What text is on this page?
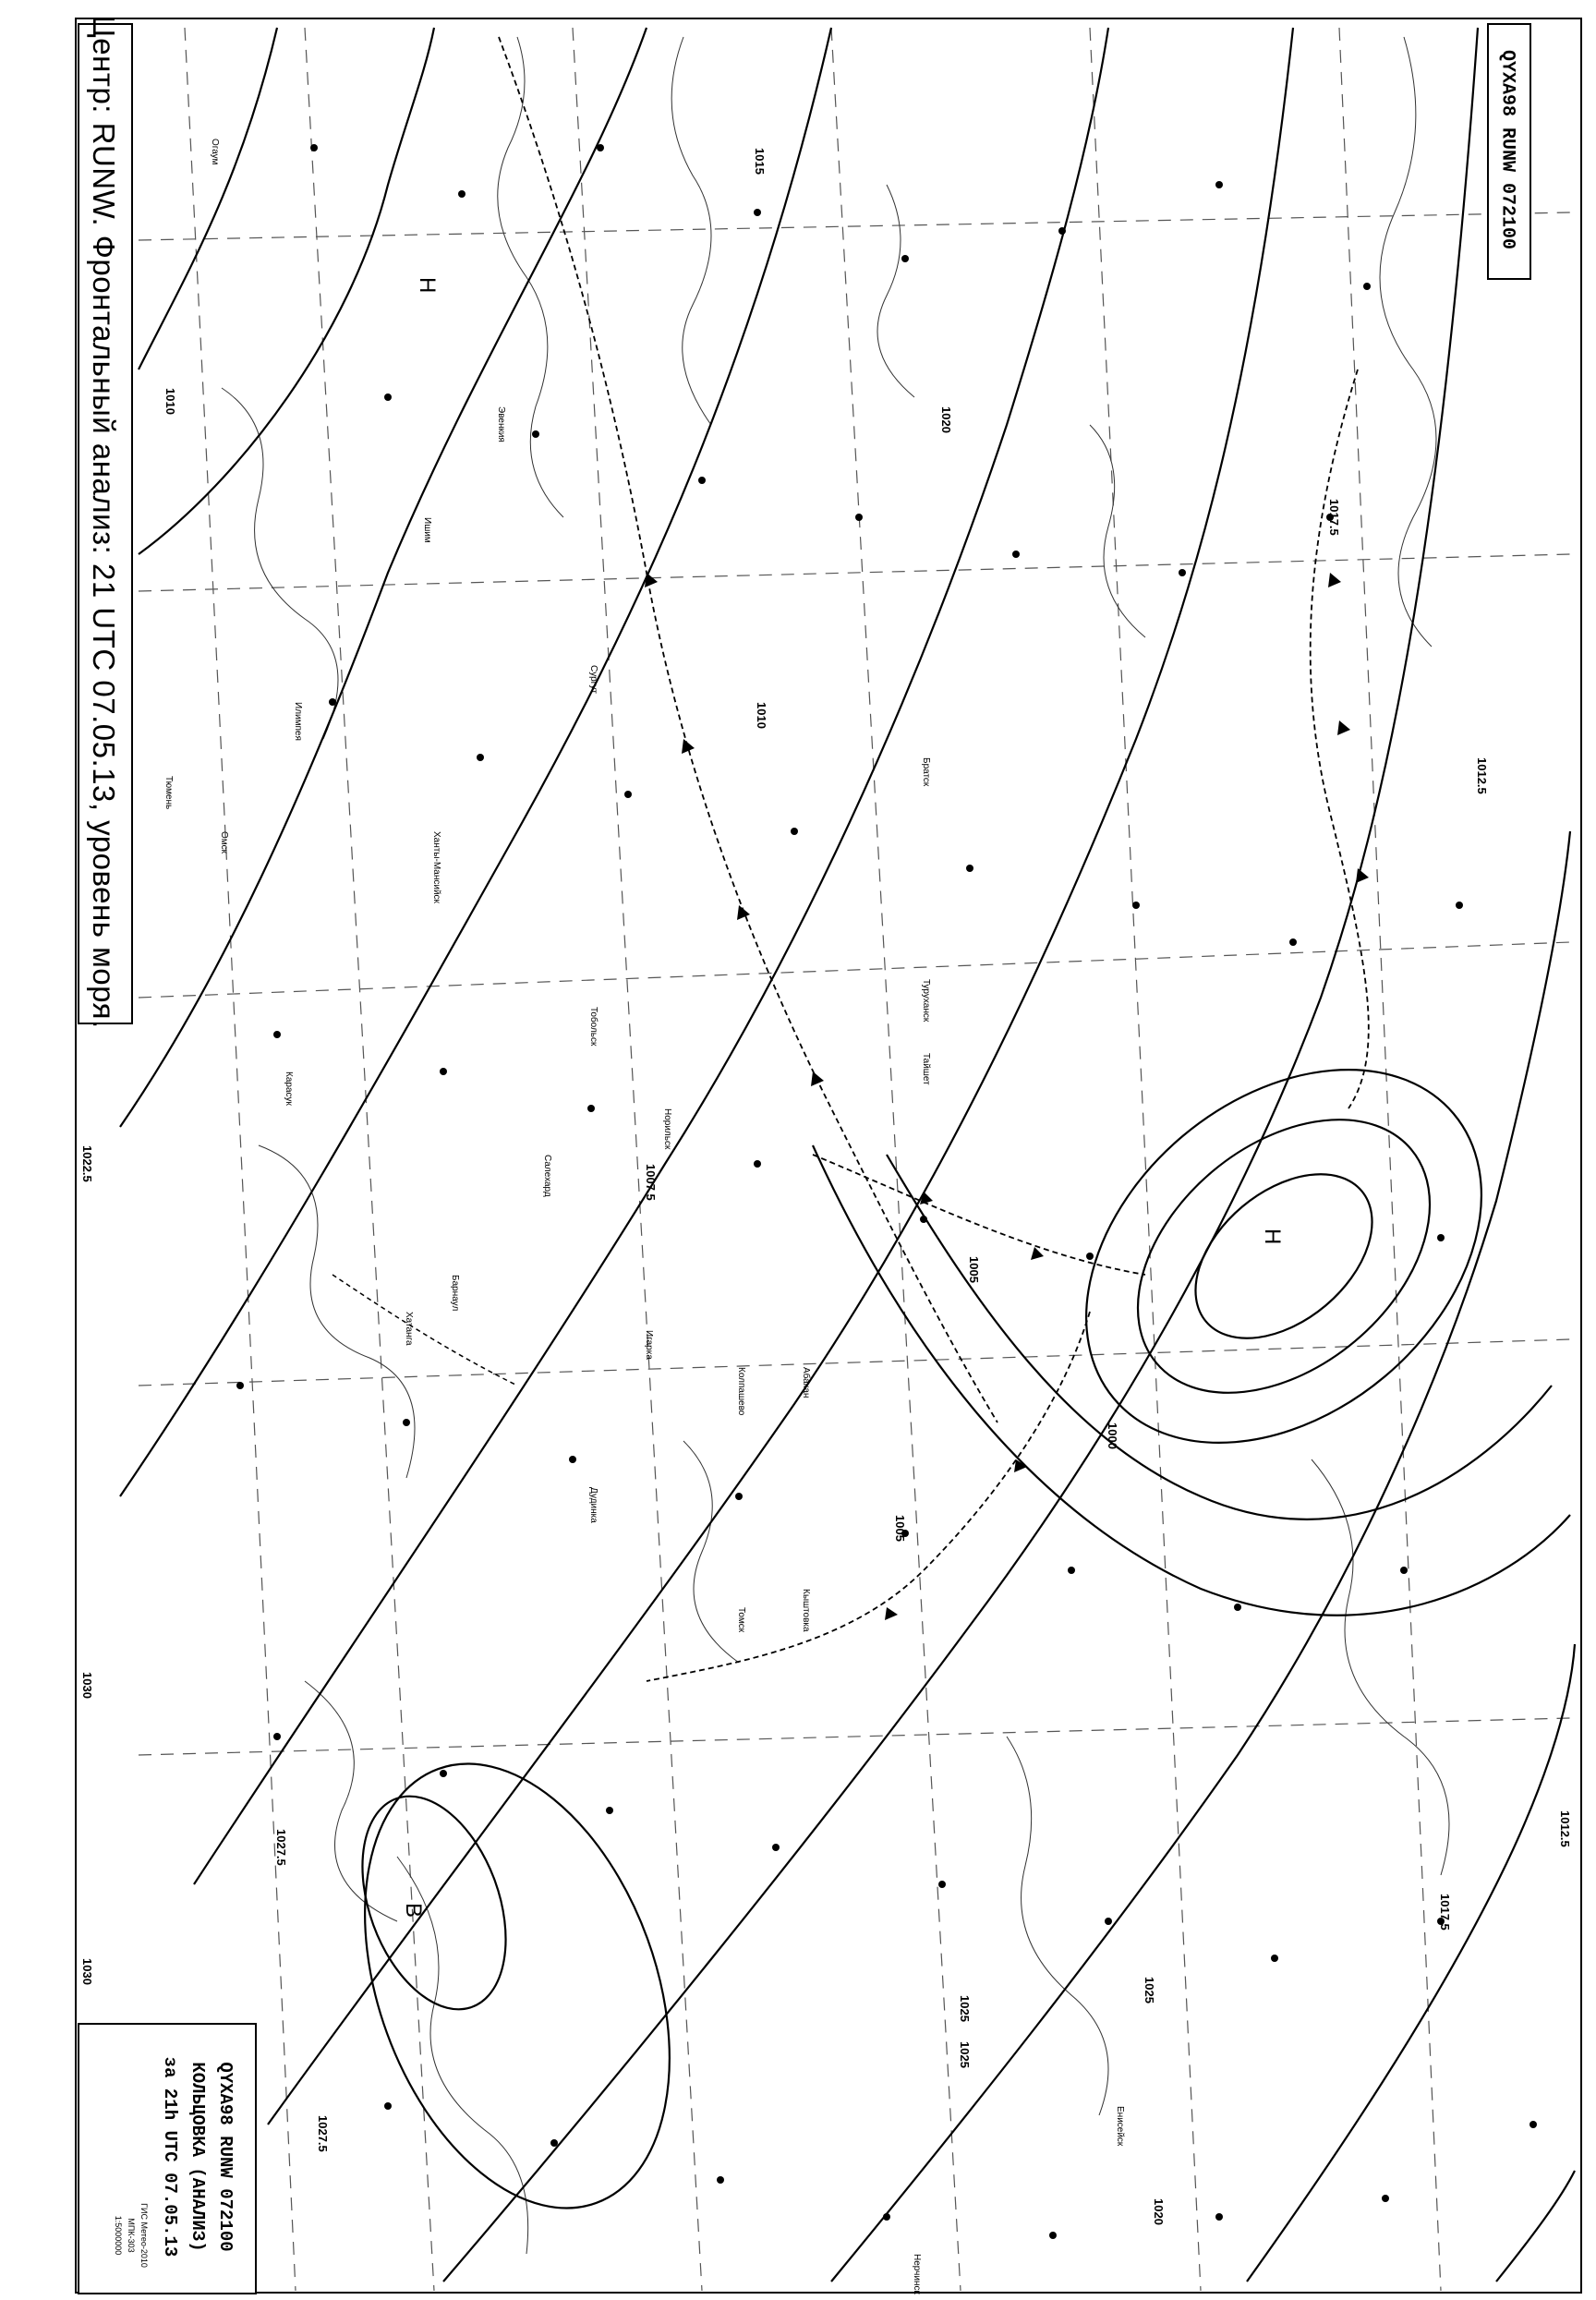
1010
1015
1017.5
1020
1012.5
1022.5
1025
1027.5
1030
1007.5
1005
1000
1005
1010
1012.5
1017.5
1020
1025
1027.5
1030
1025
Н
Н
В
Огаум
Эвенкия
Илимпея
Братск
Тайшет
Абакан
Барнаул
Карасук
Омск
Тюмень
Ханты-Мансийск
Сургут
Туруханск
Игарка
Дудинка
Хатанга
Норильск
Салехард
Ишим
Тобольск
Колпашево
Томск
Енисейск
Кыштовка
Нерчинск
Центр: RUNW. Фронтальный анализ: 21 UTC 07.05.13, уровень моря.	QYXA98 RUNW 072100
QYXA98 RUNW 072100
КОЛЬЦОВКА (АНАЛИЗ)
за 21h UTC 07.05.13
ГИС Метео-2010
МПК-303
1:5000000
